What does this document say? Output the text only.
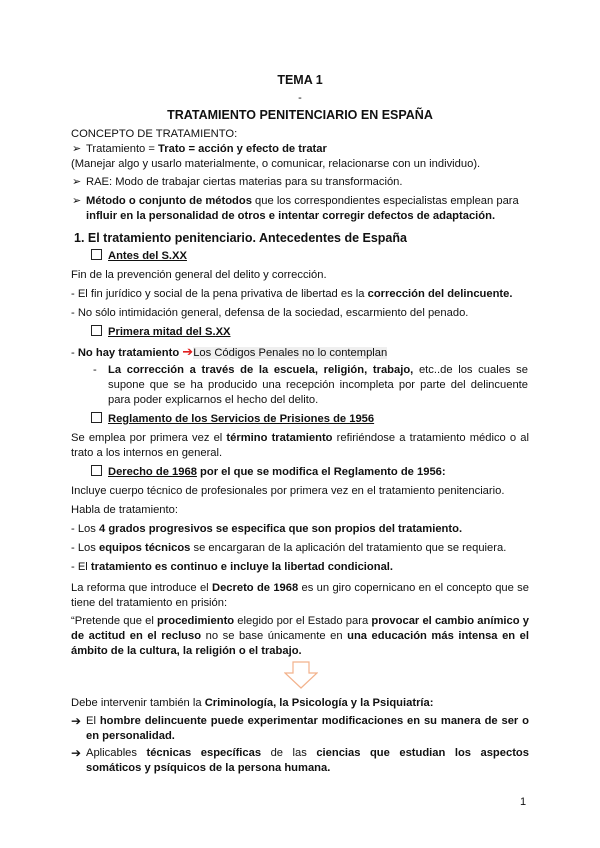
TEMA 1
-
TRATAMIENTO PENITENCIARIO EN ESPAÑA
CONCEPTO DE TRATAMIENTO:
➢ Tratamiento = Trato = acción y efecto de tratar
(Manejar algo y usarlo materialmente, o comunicar, relacionarse con un individuo).
➢ RAE: Modo de trabajar ciertas materias para su transformación.
➢ Método o conjunto de métodos que los correspondientes especialistas emplean para
influir en la personalidad de otros e intentar corregir defectos de adaptación.
1. El tratamiento penitenciario. Antecedentes de España
Antes del S.XX
Fin de la prevención general del delito y corrección.
- El fin jurídico y social de la pena privativa de libertad es la corrección del delincuente.
- No sólo intimidación general, defensa de la sociedad, escarmiento del penado.
Primera mitad del S.XX
- No hay tratamiento ➔Los Códigos Penales no lo contemplan
-	La corrección a través de la escuela, religión, trabajo, etc..de los cuales se supone que se ha producido una recepción incompleta por parte del delincuente para poder explicarnos el hecho del delito.
Reglamento de los Servicios de Prisiones de 1956
Se emplea por primera vez el término tratamiento refiriéndose a tratamiento médico o al trato a los internos en general.
Derecho de 1968 por el que se modifica el Reglamento de 1956:
Incluye cuerpo técnico de profesionales por primera vez en el tratamiento penitenciario.
Habla de tratamiento:
- Los 4 grados progresivos se especifica que son propios del tratamiento.
- Los equipos técnicos se encargaran de la aplicación del tratamiento que se requiera.
- El tratamiento es continuo e incluye la libertad condicional.
La reforma que introduce el Decreto de 1968 es un giro copernicano en el concepto que se tiene del tratamiento en prisión:
“Pretende que el procedimiento elegido por el Estado para provocar el cambio anímico y de actitud en el recluso no se base únicamente en una educación más intensa en el ámbito de la cultura, la religión o el trabajo.
Debe intervenir también la Criminología, la Psicología y la Psiquiatría:
➔ El hombre delincuente puede experimentar modificaciones en su manera de ser o en personalidad.
➔ Aplicables técnicas específicas de las ciencias que estudian los aspectos somáticos y psíquicos de la persona humana.
1
